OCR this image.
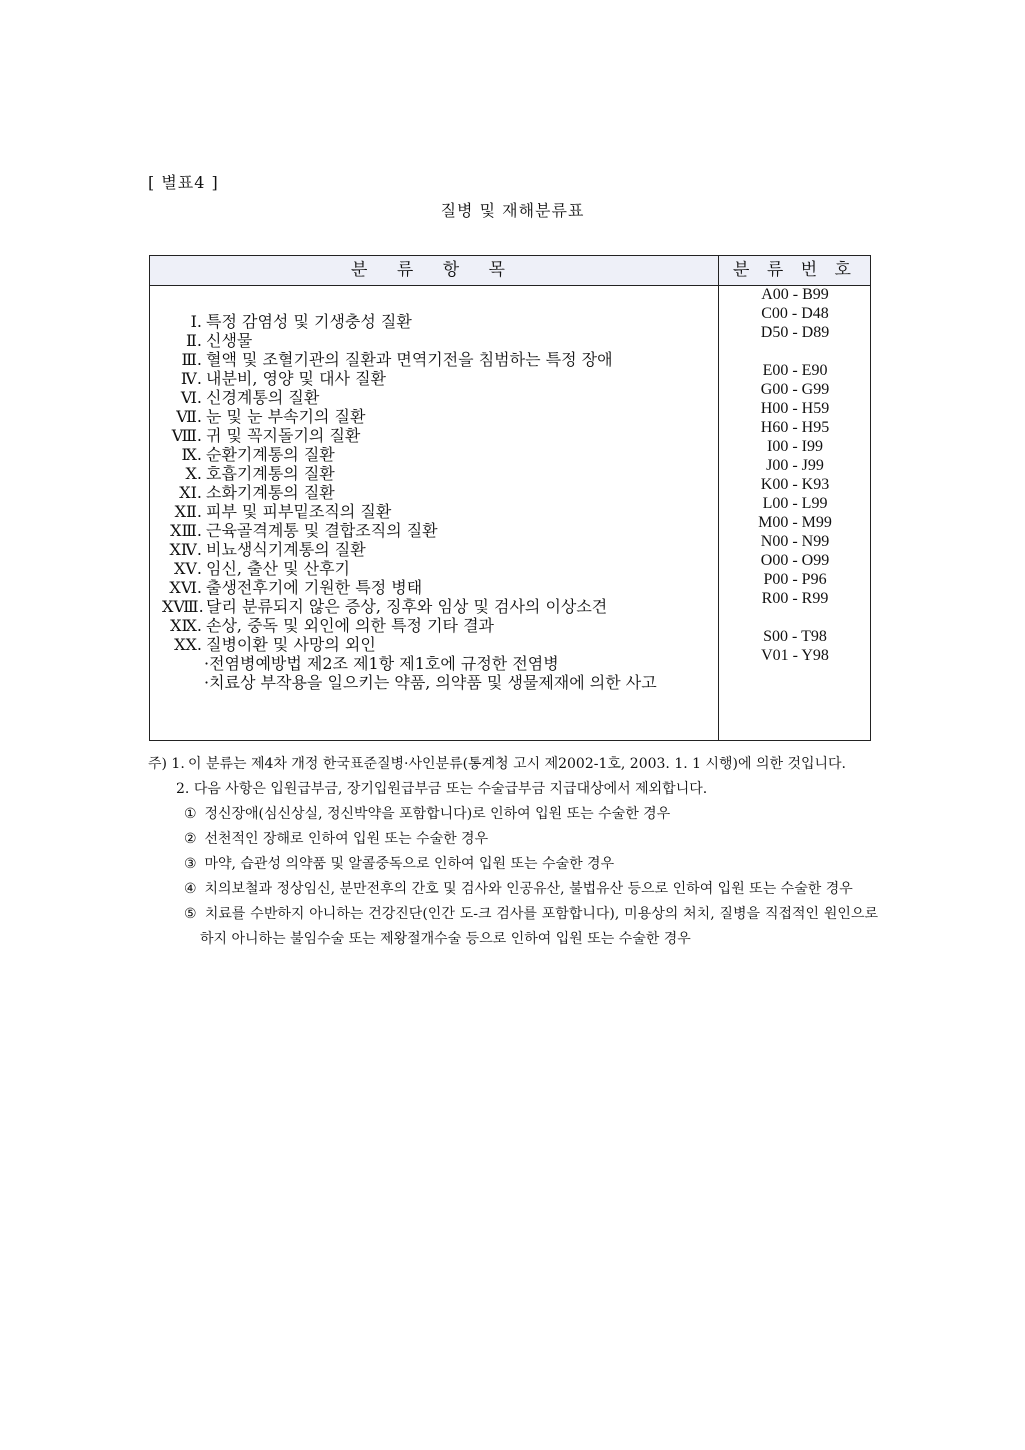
[ 별표4 ]
질병 및 재해분류표
분 류 항 목	분 류 번 호
Ⅰ. 특정 감염성 및 기생충성 질환
Ⅱ. 신생물
Ⅲ. 혈액 및 조혈기관의 질환과 면역기전을 침범하는 특정 장애
Ⅳ. 내분비, 영양 및 대사 질환
Ⅵ. 신경계통의 질환
Ⅶ. 눈 및 눈 부속기의 질환
Ⅷ. 귀 및 꼭지돌기의 질환
Ⅸ. 순환기계통의 질환
Ⅹ. 호흡기계통의 질환
ⅩⅠ. 소화기계통의 질환
ⅩⅡ. 피부 및 피부밑조직의 질환
ⅩⅢ. 근육골격계통 및 결합조직의 질환
ⅩⅣ. 비뇨생식기계통의 질환
ⅩⅤ. 임신, 출산 및 산후기
ⅩⅥ. 출생전후기에 기원한 특정 병태
ⅩⅧ. 달리 분류되지 않은 증상, 징후와 임상 및 검사의 이상소견
ⅩⅨ. 손상, 중독 및 외인에 의한 특정 기타 결과
ⅩⅩ. 질병이환 및 사망의 외인
·전염병예방법 제2조 제1항 제1호에 규정한 전염병
·치료상 부작용을 일으키는 약품, 의약품 및 생물제재에 의한 사고
A00 - B99
C00 - D48
D50 - D89
E00 - E90
G00 - G99
H00 - H59
H60 - H95
I00 - I99
J00 - J99
K00 - K93
L00 - L99
M00 - M99
N00 - N99
O00 - O99
P00 - P96
R00 - R99
S00 - T98
V01 - Y98
주) 1. 이 분류는 제4차 개정 한국표준질병·사인분류(통계청 고시 제2002-1호, 2003. 1. 1 시행)에 의한 것입니다.
2. 다음 사항은 입원급부금, 장기입원급부금 또는 수술급부금 지급대상에서 제외합니다.
① 정신장애(심신상실, 정신박약을 포함합니다)로 인하여 입원 또는 수술한 경우
② 선천적인 장해로 인하여 입원 또는 수술한 경우
③ 마약, 습관성 의약품 및 알콜중독으로 인하여 입원 또는 수술한 경우
④ 치의보철과 정상임신, 분만전후의 간호 및 검사와 인공유산, 불법유산 등으로 인하여 입원 또는 수술한 경우
⑤ 치료를 수반하지 아니하는 건강진단(인간 도-크 검사를 포함합니다), 미용상의 처치, 질병을 직접적인 원인으로 하지 아니하는 불임수술 또는 제왕절개수술 등으로 인하여 입원 또는 수술한 경우
